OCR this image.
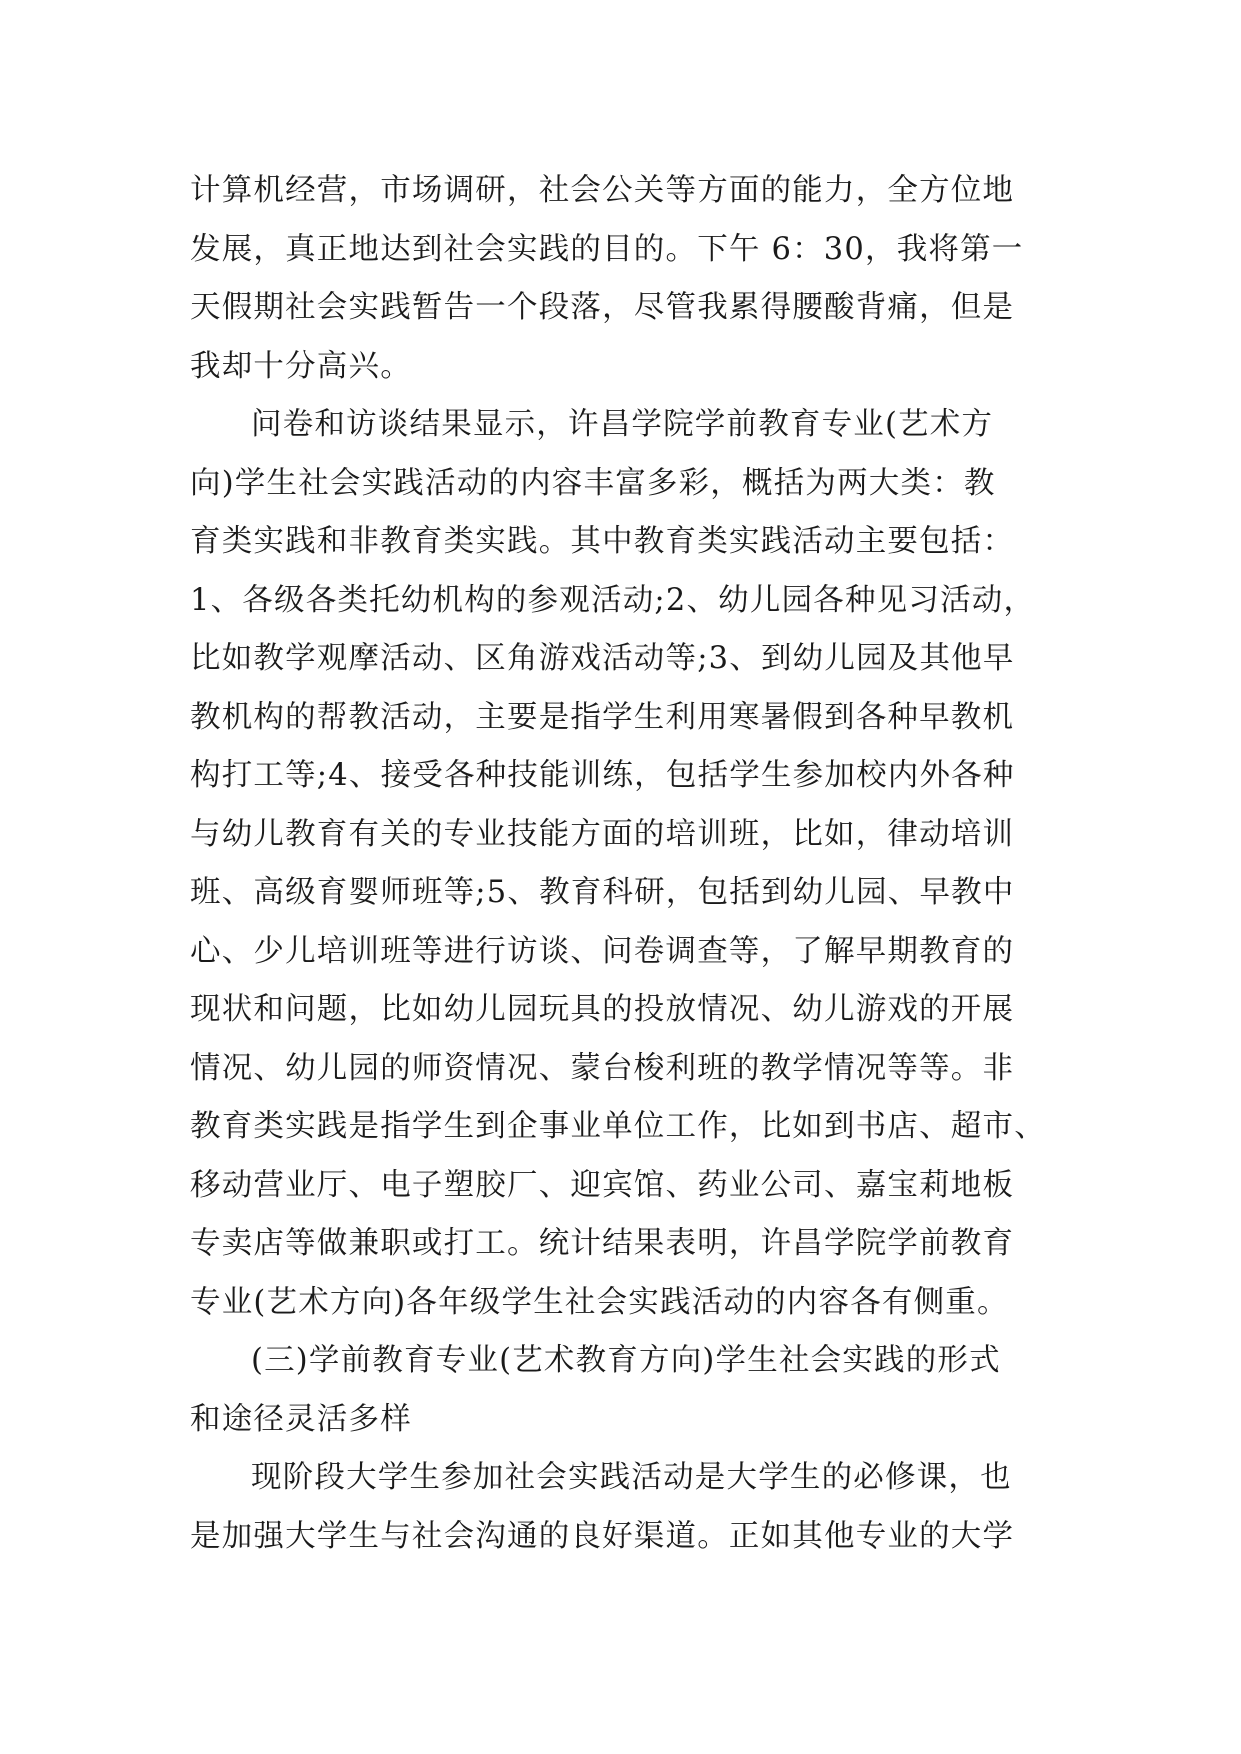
计算机经营，市场调研，社会公关等方面的能力，全方位地
发展，真正地达到社会实践的目的。下午 6：30，我将第一
天假期社会实践暂告一个段落，尽管我累得腰酸背痛，但是
我却十分高兴。
问卷和访谈结果显示，许昌学院学前教育专业(艺术方
向)学生社会实践活动的内容丰富多彩，概括为两大类：教
育类实践和非教育类实践。其中教育类实践活动主要包括：
1、各级各类托幼机构的参观活动;2、幼儿园各种见习活动，
比如教学观摩活动、区角游戏活动等;3、到幼儿园及其他早
教机构的帮教活动，主要是指学生利用寒暑假到各种早教机
构打工等;4、接受各种技能训练，包括学生参加校内外各种
与幼儿教育有关的专业技能方面的培训班，比如，律动培训
班、高级育婴师班等;5、教育科研，包括到幼儿园、早教中
心、少儿培训班等进行访谈、问卷调查等，了解早期教育的
现状和问题，比如幼儿园玩具的投放情况、幼儿游戏的开展
情况、幼儿园的师资情况、蒙台梭利班的教学情况等等。非
教育类实践是指学生到企事业单位工作，比如到书店、超市、
移动营业厅、电子塑胶厂、迎宾馆、药业公司、嘉宝莉地板
专卖店等做兼职或打工。统计结果表明，许昌学院学前教育
专业(艺术方向)各年级学生社会实践活动的内容各有侧重。
(三)学前教育专业(艺术教育方向)学生社会实践的形式
和途径灵活多样
现阶段大学生参加社会实践活动是大学生的必修课，也
是加强大学生与社会沟通的良好渠道。正如其他专业的大学
